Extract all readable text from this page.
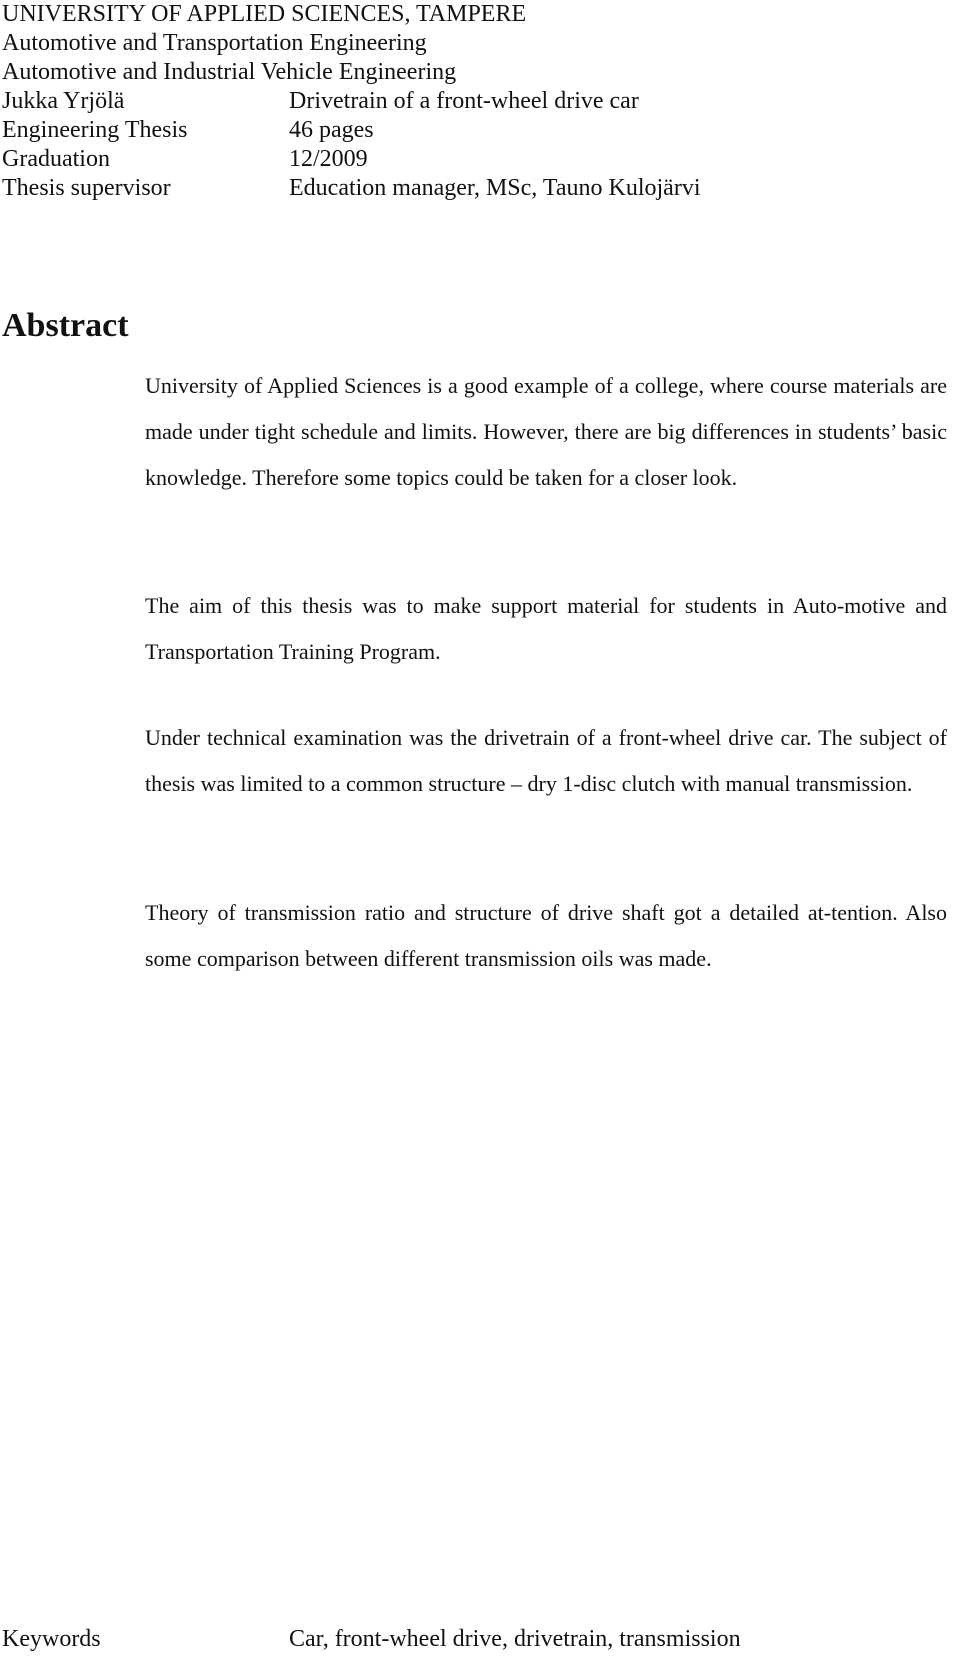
UNIVERSITY OF APPLIED SCIENCES, TAMPERE
Automotive and Transportation Engineering
Automotive and Industrial Vehicle Engineering
Jukka Yrjölä	Drivetrain of a front-wheel drive car
Engineering Thesis	46 pages
Graduation	12/2009
Thesis supervisor	Education manager, MSc, Tauno Kulojärvi
Abstract

University of Applied Sciences is a good example of a college, where course materials are made under tight schedule and limits. However, there are big differences in students’ basic knowledge. Therefore some topics could be taken for a closer look.

The aim of this thesis was to make support material for students in Auto-motive and Transportation Training Program.

Under technical examination was the drivetrain of a front-wheel drive car. The subject of thesis was limited to a common structure – dry 1-disc clutch with manual transmission.

Theory of transmission ratio and structure of drive shaft got a detailed at-tention. Also some comparison between different transmission oils was made.

Keywords	Car, front-wheel drive, drivetrain, transmission
